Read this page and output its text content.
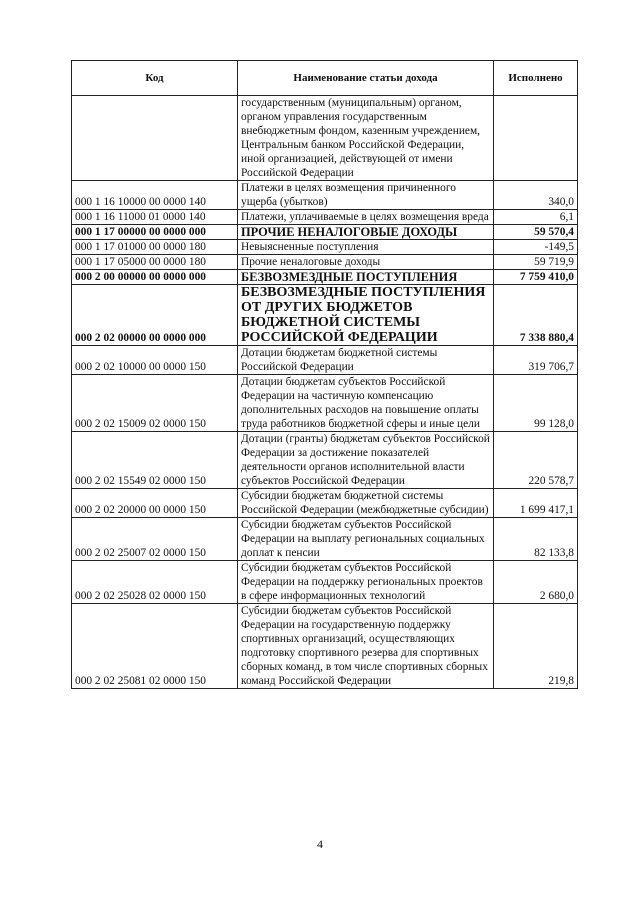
Код	Наименование статьи дохода	Исполнено
	государственным (муниципальным) органом, органом управления государственным внебюджетным фондом, казенным учреждением, Центральным банком Российской Федерации, иной организацией, действующей от имени Российской Федерации	
000 1 16 10000 00 0000 140	Платежи в целях возмещения причиненного ущерба (убытков)	340,0
000 1 16 11000 01 0000 140	Платежи, уплачиваемые в целях возмещения вреда	6,1
000 1 17 00000 00 0000 000	ПРОЧИЕ НЕНАЛОГОВЫЕ ДОХОДЫ	59 570,4
000 1 17 01000 00 0000 180	Невыясненные поступления	-149,5
000 1 17 05000 00 0000 180	Прочие неналоговые доходы	59 719,9
000 2 00 00000 00 0000 000	БЕЗВОЗМЕЗДНЫЕ ПОСТУПЛЕНИЯ	7 759 410,0
000 2 02 00000 00 0000 000	БЕЗВОЗМЕЗДНЫЕ ПОСТУПЛЕНИЯ ОТ ДРУГИХ БЮДЖЕТОВ БЮДЖЕТНОЙ СИСТЕМЫ РОССИЙСКОЙ ФЕДЕРАЦИИ	7 338 880,4
000 2 02 10000 00 0000 150	Дотации бюджетам бюджетной системы Российской Федерации	319 706,7
000 2 02 15009 02 0000 150	Дотации бюджетам субъектов Российской Федерации на частичную компенсацию дополнительных расходов на повышение оплаты труда работников бюджетной сферы и иные цели	99 128,0
000 2 02 15549 02 0000 150	Дотации (гранты) бюджетам субъектов Российской Федерации за достижение показателей деятельности органов исполнительной власти субъектов Российской Федерации	220 578,7
000 2 02 20000 00 0000 150	Субсидии бюджетам бюджетной системы Российской Федерации (межбюджетные субсидии)	1 699 417,1
000 2 02 25007 02 0000 150	Субсидии бюджетам субъектов Российской Федерации на выплату региональных социальных доплат к пенсии	82 133,8
000 2 02 25028 02 0000 150	Субсидии бюджетам субъектов Российской Федерации на поддержку региональных проектов в сфере информационных технологий	2 680,0
000 2 02 25081 02 0000 150	Субсидии бюджетам субъектов Российской Федерации на государственную поддержку спортивных организаций, осуществляющих подготовку спортивного резерва для спортивных сборных команд, в том числе спортивных сборных команд Российской Федерации	219,8
4
